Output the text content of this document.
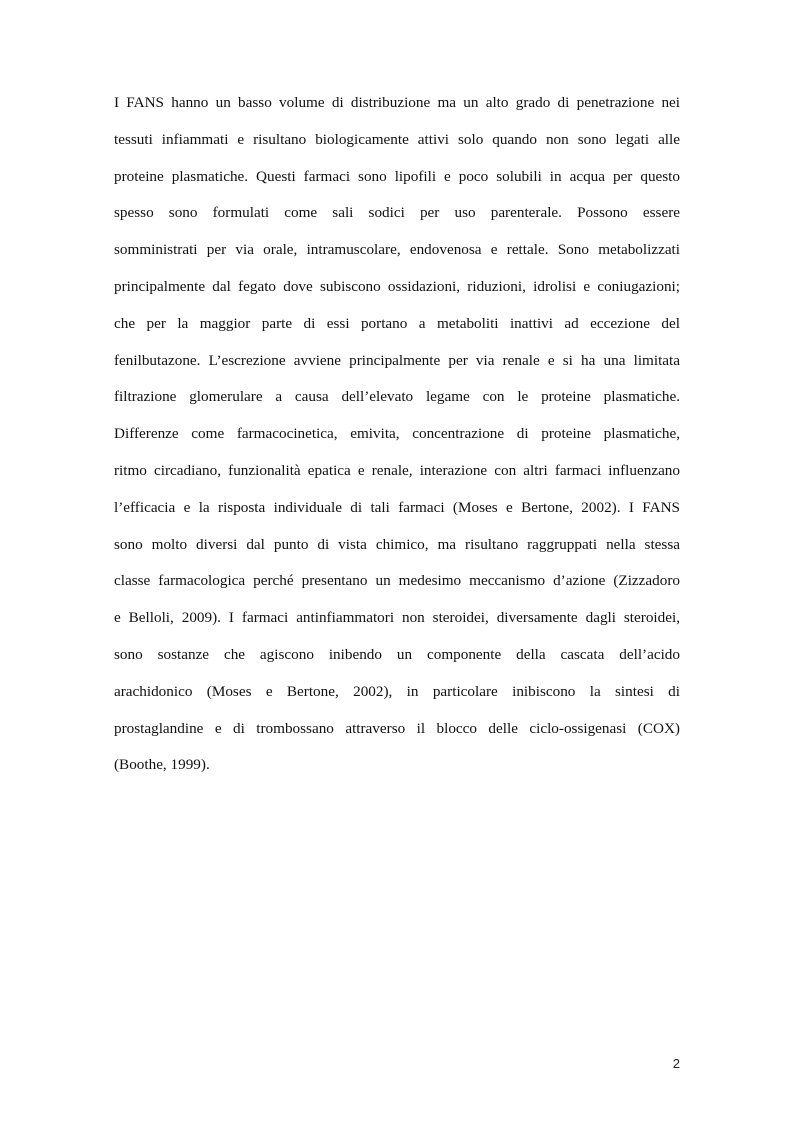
I FANS hanno un basso volume di distribuzione ma un alto grado di penetrazione nei
tessuti infiammati e risultano biologicamente attivi solo quando non sono legati alle
proteine plasmatiche. Questi farmaci sono lipofili e poco solubili in acqua per questo
spesso sono formulati come sali sodici per uso parenterale. Possono essere
somministrati per via orale, intramuscolare, endovenosa e rettale. Sono metabolizzati
principalmente dal fegato dove subiscono ossidazioni, riduzioni, idrolisi e coniugazioni;
che per la maggior parte di essi portano a metaboliti inattivi ad eccezione del
fenilbutazone. L’escrezione avviene principalmente per via renale e si ha una limitata
filtrazione glomerulare a causa dell’elevato legame con le proteine plasmatiche.
Differenze come farmacocinetica, emivita, concentrazione di proteine plasmatiche,
ritmo circadiano, funzionalità epatica e renale, interazione con altri farmaci influenzano
l’efficacia e la risposta individuale di tali farmaci (Moses e Bertone, 2002). I FANS
sono molto diversi dal punto di vista chimico, ma risultano raggruppati nella stessa
classe farmacologica perché presentano un medesimo meccanismo d’azione (Zizzadoro
e Belloli, 2009). I farmaci antinfiammatori non steroidei, diversamente dagli steroidei,
sono sostanze che agiscono inibendo un componente della cascata dell’acido
arachidonico (Moses e Bertone, 2002), in particolare inibiscono la sintesi di
prostaglandine e di trombossano attraverso il blocco delle ciclo-ossigenasi (COX)
(Boothe, 1999).

2
